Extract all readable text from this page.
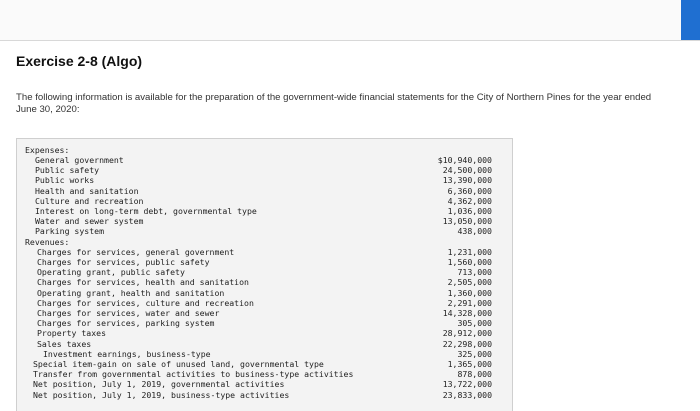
Exercise 2-8 (Algo)
The following information is available for the preparation of the government-wide financial statements for the City of Northern Pines for the year ended June 30, 2020:
Expenses:
General government	$10,940,000
Public safety	24,500,000
Public works	13,390,000
Health and sanitation	6,360,000
Culture and recreation	4,362,000
Interest on long-term debt, governmental type	1,036,000
Water and sewer system	13,050,000
Parking system	438,000
Revenues:
Charges for services, general government	1,231,000
Charges for services, public safety	1,560,000
Operating grant, public safety	713,000
Charges for services, health and sanitation	2,505,000
Operating grant, health and sanitation	1,360,000
Charges for services, culture and recreation	2,291,000
Charges for services, water and sewer	14,328,000
Charges for services, parking system	305,000
Property taxes	28,912,000
Sales taxes	22,298,000
Investment earnings, business-type	325,000
Special item-gain on sale of unused land, governmental type	1,365,000
Transfer from governmental activities to business-type activities	878,000
Net position, July 1, 2019, governmental activities	13,722,000
Net position, July 1, 2019, business-type activities	23,833,000
